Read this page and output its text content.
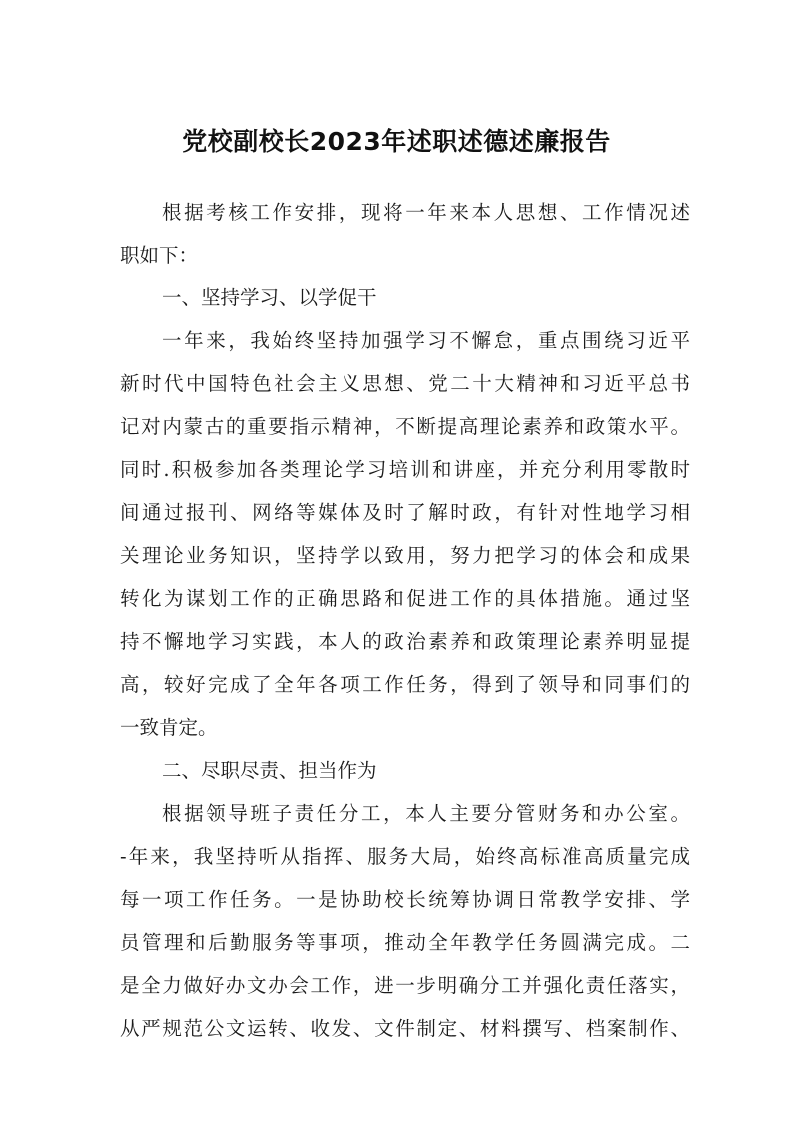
党校副校长2023年述职述德述廉报告
根据考核工作安排，现将一年来本人思想、工作情况述
职如下：
一、坚持学习、以学促干
一年来，我始终坚持加强学习不懈怠，重点围绕习近平
新时代中国特色社会主义思想、党二十大精神和习近平总书
记对内蒙古的重要指示精神，不断提高理论素养和政策水平。
同时.积极参加各类理论学习培训和讲座，并充分利用零散时
间通过报刊、网络等媒体及时了解时政，有针对性地学习相
关理论业务知识，坚持学以致用，努力把学习的体会和成果
转化为谋划工作的正确思路和促进工作的具体措施。通过坚
持不懈地学习实践，本人的政治素养和政策理论素养明显提
高，较好完成了全年各项工作任务，得到了领导和同事们的
一致肯定。
二、尽职尽责、担当作为
根据领导班子责任分工，本人主要分管财务和办公室。
-年来，我坚持听从指挥、服务大局，始终高标准高质量完成
每一项工作任务。一是协助校长统筹协调日常教学安排、学
员管理和后勤服务等事项，推动全年教学任务圆满完成。二
是全力做好办文办会工作，进一步明确分工并强化责任落实，
从严规范公文运转、收发、文件制定、材料撰写、档案制作、
